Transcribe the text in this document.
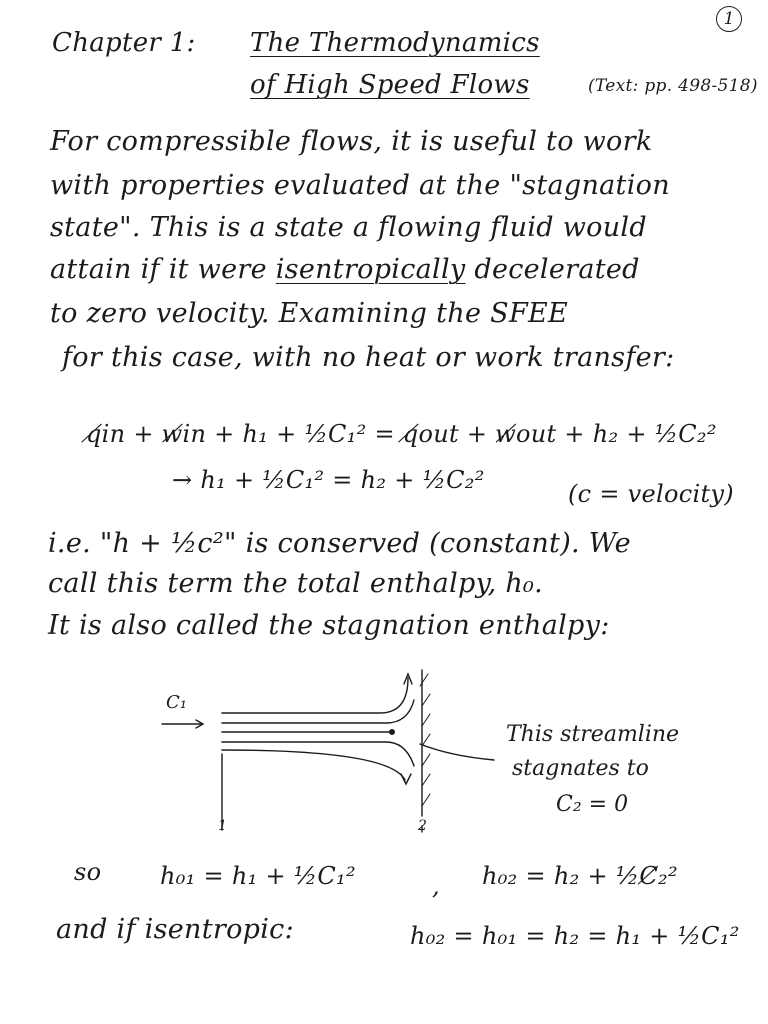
1
Chapter 1: The Thermodynamics
of High Speed Flows	(Text: pp. 498-518)
For compressible flows, it is useful to work
with properties evaluated at the "stagnation
state". This is a state a flowing fluid would
attain if it were isentropically decelerated
to zero velocity. Examining the SFEE
for this case, with no heat or work transfer:
q̸in + w̸in + h₁ + ½C₁² = q̸out + w̸out + h₂ + ½C₂²
→ h₁ + ½C₁² = h₂ + ½C₂²	(c = velocity)
i.e. "h + ½c²" is conserved (constant). We
call this term the total enthalpy, h₀.
It is also called the stagnation enthalpy:
C₁
1	2
This streamline
stagnates to
C₂ = 0
so h₀₁ = h₁ + ½C₁²	, h₀₂ = h₂ + ½C̸₂²
and if isentropic:	h₀₂ = h₀₁ = h₂ = h₁ + ½C₁²
